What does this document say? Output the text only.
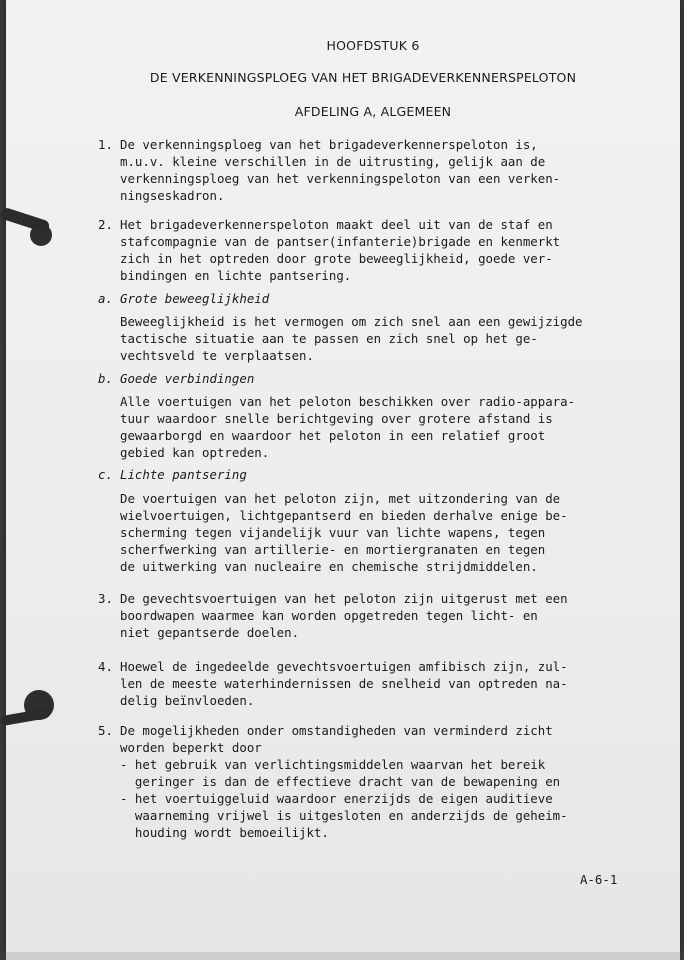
HOOFDSTUK 6
DE VERKENNINGSPLOEG VAN HET BRIGADEVERKENNERSPELOTON
AFDELING A, ALGEMEEN
1. De verkenningsploeg van het brigadeverkennerspeloton is,
m.u.v. kleine verschillen in de uitrusting, gelijk aan de
verkenningsploeg van het verkenningspeloton van een verken-
ningseskadron.
2. Het brigadeverkennerspeloton maakt deel uit van de staf en
stafcompagnie van de pantser(infanterie)brigade en kenmerkt
zich in het optreden door grote beweeglijkheid, goede ver-
bindingen en lichte pantsering.
a. Grote beweeglijkheid
Beweeglijkheid is het vermogen om zich snel aan een gewijzigde
tactische situatie aan te passen en zich snel op het ge-
vechtsveld te verplaatsen.
b. Goede verbindingen
Alle voertuigen van het peloton beschikken over radio-appara-
tuur waardoor snelle berichtgeving over grotere afstand is
gewaarborgd en waardoor het peloton in een relatief groot
gebied kan optreden.
c. Lichte pantsering
De voertuigen van het peloton zijn, met uitzondering van de
wielvoertuigen, lichtgepantserd en bieden derhalve enige be-
scherming tegen vijandelijk vuur van lichte wapens, tegen
scherfwerking van artillerie- en mortiergranaten en tegen
de uitwerking van nucleaire en chemische strijdmiddelen.
3. De gevechtsvoertuigen van het peloton zijn uitgerust met een
boordwapen waarmee kan worden opgetreden tegen licht- en
niet gepantserde doelen.
4. Hoewel de ingedeelde gevechtsvoertuigen amfibisch zijn, zul-
len de meeste waterhindernissen de snelheid van optreden na-
delig beïnvloeden.
5. De mogelijkheden onder omstandigheden van verminderd zicht
worden beperkt door
- het gebruik van verlichtingsmiddelen waarvan het bereik
geringer is dan de effectieve dracht van de bewapening en
- het voertuiggeluid waardoor enerzijds de eigen auditieve
waarneming vrijwel is uitgesloten en anderzijds de geheim-
houding wordt bemoeilijkt.
A-6-1
